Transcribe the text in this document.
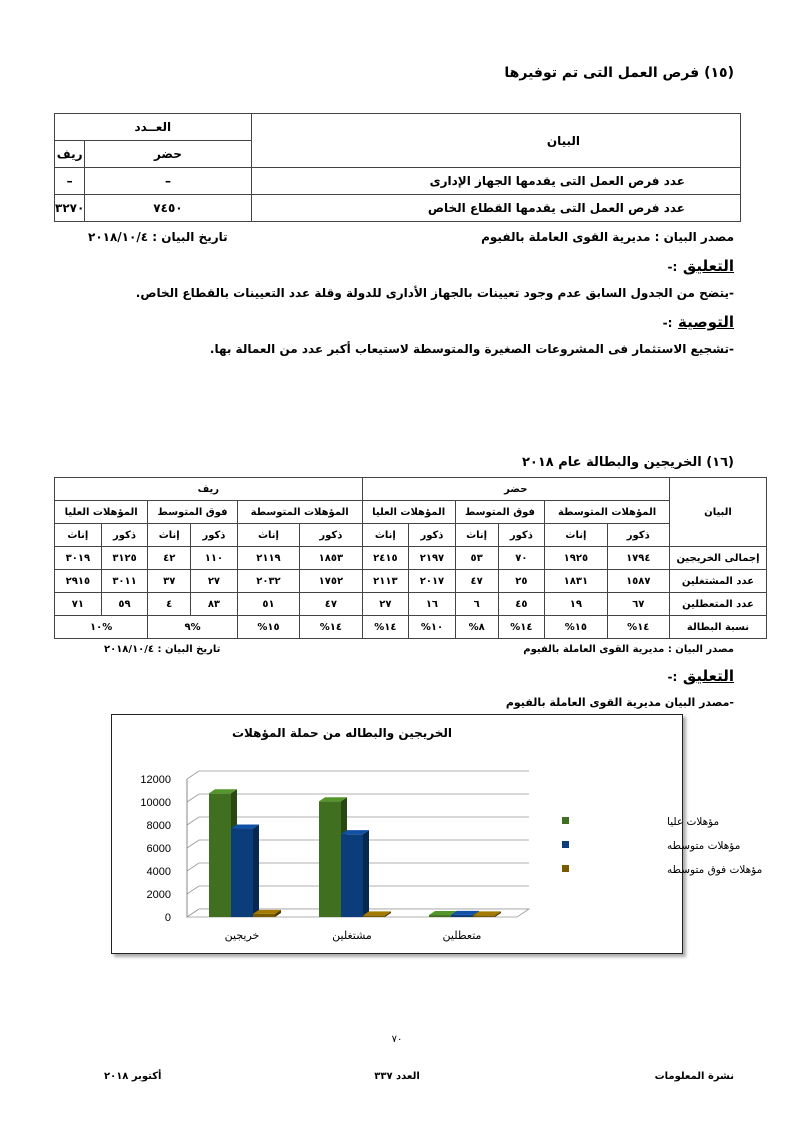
(١٥) فرص العمل التى تم توفيرها
البيان	العــدد	
	حضر	ريف
عدد فرص العمل التى يقدمها الجهاز الإدارى	–	–
عدد فرص العمل التى يقدمها القطاع الخاص	٧٤٥٠	٣٢٧٠
مصدر البيان : مديرية القوى العاملة بالفيوم
تاريخ البيان : ٢٠١٨/١٠/٤
التعليق :-
-يتضح من الجدول السابق عدم وجود تعيينات بالجهاز الأدارى للدولة وقلة عدد التعيينات بالقطاع الخاص.
التوصية :-
-تشجيع الاستثمار فى المشروعات الصغيرة والمتوسطة لاستيعاب أكبر عدد من العمالة بها.
(١٦) الخريجين والبطالة عام ٢٠١٨
البيان	حضر						ريف					
	المؤهلات المتوسطة		فوق المتوسط		المؤهلات العليا		المؤهلات المتوسطة		فوق المتوسط		المؤهلات العليا	
	ذكور	إناث	ذكور	إناث	ذكور	إناث	ذكور	إناث	ذكور	إناث	ذكور	إناث
إجمالى الخريجين	١٧٩٤	١٩٢٥	٧٠	٥٣	٢١٩٧	٢٤١٥	١٨٥٣	٢١١٩	١١٠	٤٢	٣١٢٥	٣٠١٩
عدد المشتغلين	١٥٨٧	١٨٣١	٢٥	٤٧	٢٠١٧	٢١١٣	١٧٥٢	٢٠٣٢	٢٧	٣٧	٣٠١١	٢٩١٥
عدد المتعطلين	٦٧	١٩	٤٥	٦	١٦	٢٧	٤٧	٥١	٨٣	٤	٥٩	٧١
نسبة البطالة	١٤%	١٥%	١٤%	٨%	١٠%	١٤%	١٤%	١٥%	%٩		%١٠	
مصدر البيان : مديرية القوى العاملة بالفيوم
تاريخ البيان : ٢٠١٨/١٠/٤
التعليق :-
-مصدر البيان مديرية القوى العاملة بالفيوم
0
2000
4000
6000
8000
10000
12000
الخريجين والبطاله من حملة المؤهلات
خريجين	مشتغلين	متعطلين
مؤهلات عليا
مؤهلات متوسطه
مؤهلات فوق متوسطه
٧٠
نشرة المعلومات
العدد ٣٣٧
أكتوبر ٢٠١٨
